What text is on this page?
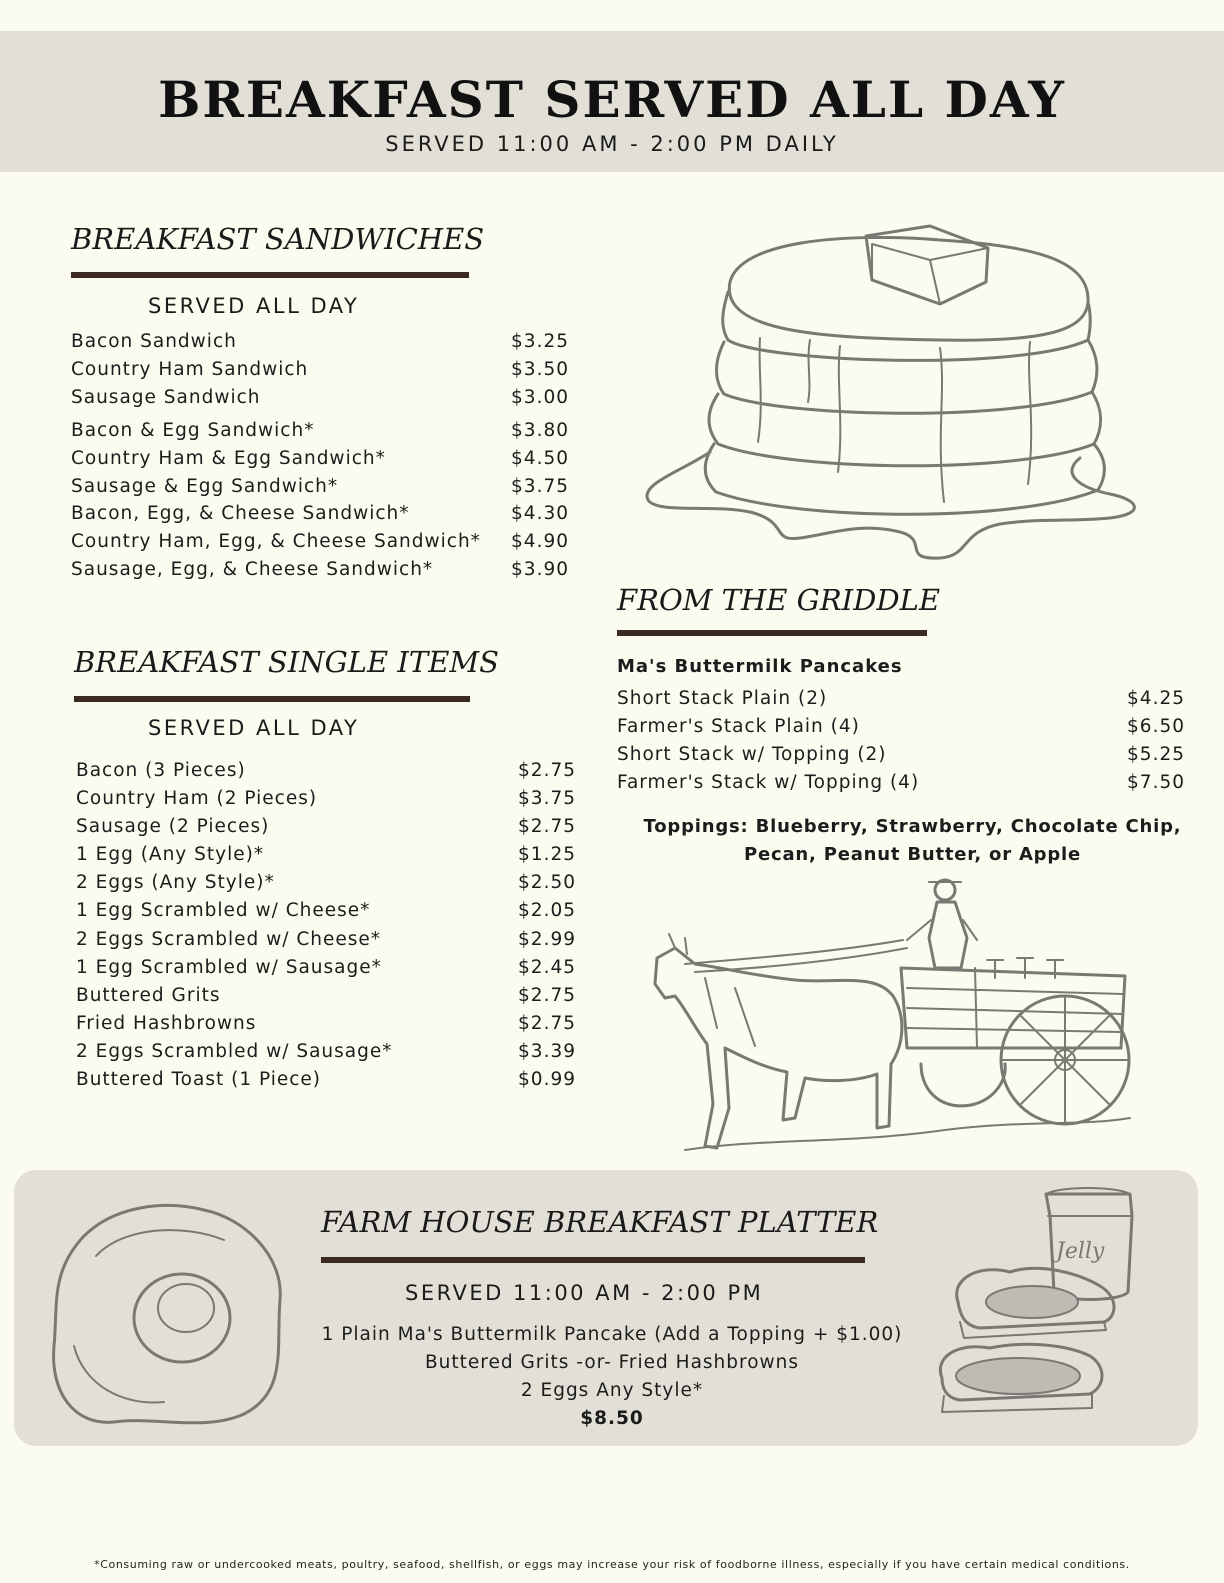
BREAKFAST SERVED ALL DAY
SERVED 11:00 AM - 2:00 PM DAILY
BREAKFAST SANDWICHES
SERVED ALL DAY
Bacon Sandwich	$3.25
Country Ham Sandwich	$3.50
Sausage Sandwich	$3.00
Bacon & Egg Sandwich*	$3.80
Country Ham & Egg Sandwich*	$4.50
Sausage & Egg Sandwich*	$3.75
Bacon, Egg, & Cheese Sandwich*	$4.30
Country Ham, Egg, & Cheese Sandwich* $4.90
Sausage, Egg, & Cheese Sandwich*	$3.90
BREAKFAST SINGLE ITEMS
SERVED ALL DAY
Bacon (3 Pieces)	$2.75
Country Ham (2 Pieces)	$3.75
Sausage (2 Pieces)	$2.75
1 Egg (Any Style)*	$1.25
2 Eggs (Any Style)*	$2.50
1 Egg Scrambled w/ Cheese*	$2.05
2 Eggs Scrambled w/ Cheese*	$2.99
1 Egg Scrambled w/ Sausage*	$2.45
Buttered Grits	$2.75
Fried Hashbrowns	$2.75
2 Eggs Scrambled w/ Sausage*	$3.39
Buttered Toast (1 Piece)	$0.99
FROM THE GRIDDLE
Ma's Buttermilk Pancakes
Short Stack Plain (2)	$4.25
Farmer's Stack Plain (4)	$6.50
Short Stack w/ Topping (2)	$5.25
Farmer's Stack w/ Topping (4)	$7.50
Toppings: Blueberry, Strawberry, Chocolate Chip,
Pecan, Peanut Butter, or Apple
FARM HOUSE BREAKFAST PLATTER
SERVED 11:00 AM - 2:00 PM
1 Plain Ma's Buttermilk Pancake (Add a Topping + $1.00)
Buttered Grits -or- Fried Hashbrowns
2 Eggs Any Style*
$8.50
Jelly
*Consuming raw or undercooked meats, poultry, seafood, shellfish, or eggs may increase your risk of foodborne illness, especially if you have certain medical conditions.
